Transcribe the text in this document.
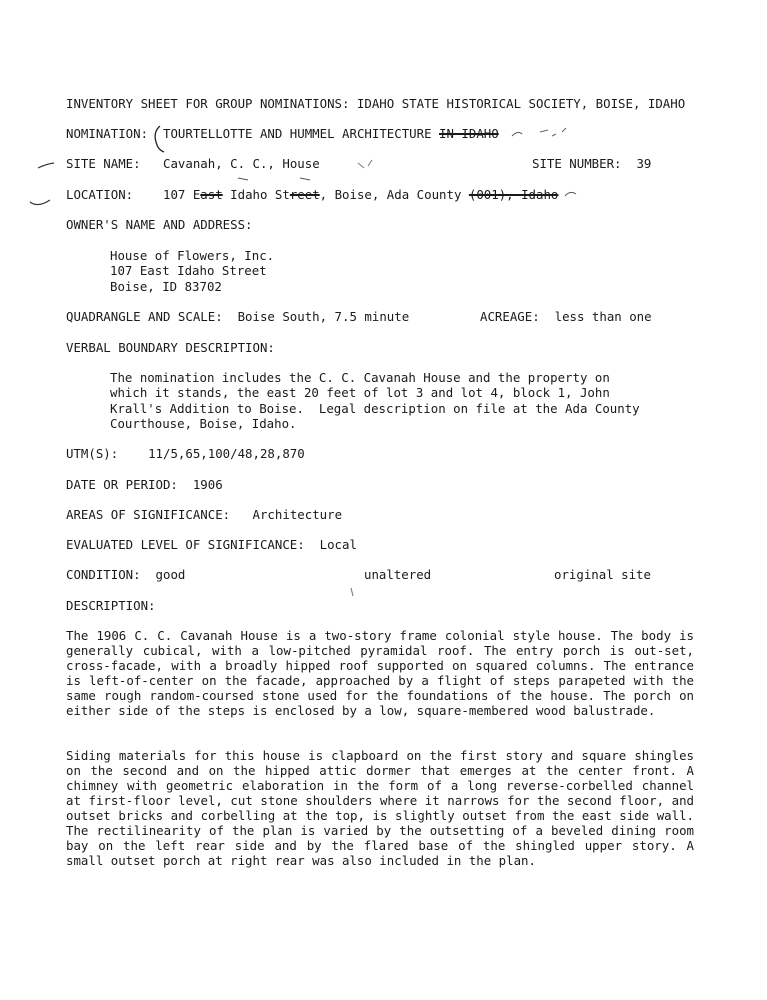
INVENTORY SHEET FOR GROUP NOMINATIONS: IDAHO STATE HISTORICAL SOCIETY, BOISE, IDAHO
NOMINATION: TOURTELLOTTE AND HUMMEL ARCHITECTURE IN IDAHO
SITE NAME: Cavanah, C. C., House	SITE NUMBER: 39
LOCATION: 107 East Idaho Street, Boise, Ada County (001), Idaho
OWNER'S NAME AND ADDRESS:
House of Flowers, Inc.
107 East Idaho Street
Boise, ID 83702
QUADRANGLE AND SCALE: Boise South, 7.5 minute	ACREAGE: less than one
VERBAL BOUNDARY DESCRIPTION:
The nomination includes the C. C. Cavanah House and the property on
which it stands, the east 20 feet of lot 3 and lot 4, block 1, John
Krall's Addition to Boise.  Legal description on file at the Ada County
Courthouse, Boise, Idaho.
UTM(S): 11/5,65,100/48,28,870
DATE OR PERIOD: 1906
AREAS OF SIGNIFICANCE: Architecture
EVALUATED LEVEL OF SIGNIFICANCE: Local
CONDITION: good	unaltered	original site
DESCRIPTION:

The 1906 C. C. Cavanah House is a two-story frame colonial style house. The body is generally cubical, with a low-pitched pyramidal roof. The entry porch is out-set, cross-facade, with a broadly hipped roof supported on squared columns. The entrance is left-of-center on the facade, approached by a flight of steps parapeted with the same rough random-coursed stone used for the foundations of the house. The porch on either side of the steps is enclosed by a low, square-membered wood balustrade.

Siding materials for this house is clapboard on the first story and square shingles on the second and on the hipped attic dormer that emerges at the center front. A chimney with geometric elaboration in the form of a long reverse-corbelled channel at first-floor level, cut stone shoulders where it narrows for the second floor, and outset bricks and corbelling at the top, is slightly outset from the east side wall. The rectilinearity of the plan is varied by the outsetting of a beveled dining room bay on the left rear side and by the flared base of the shingled upper story. A small outset porch at right rear was also included in the plan.
